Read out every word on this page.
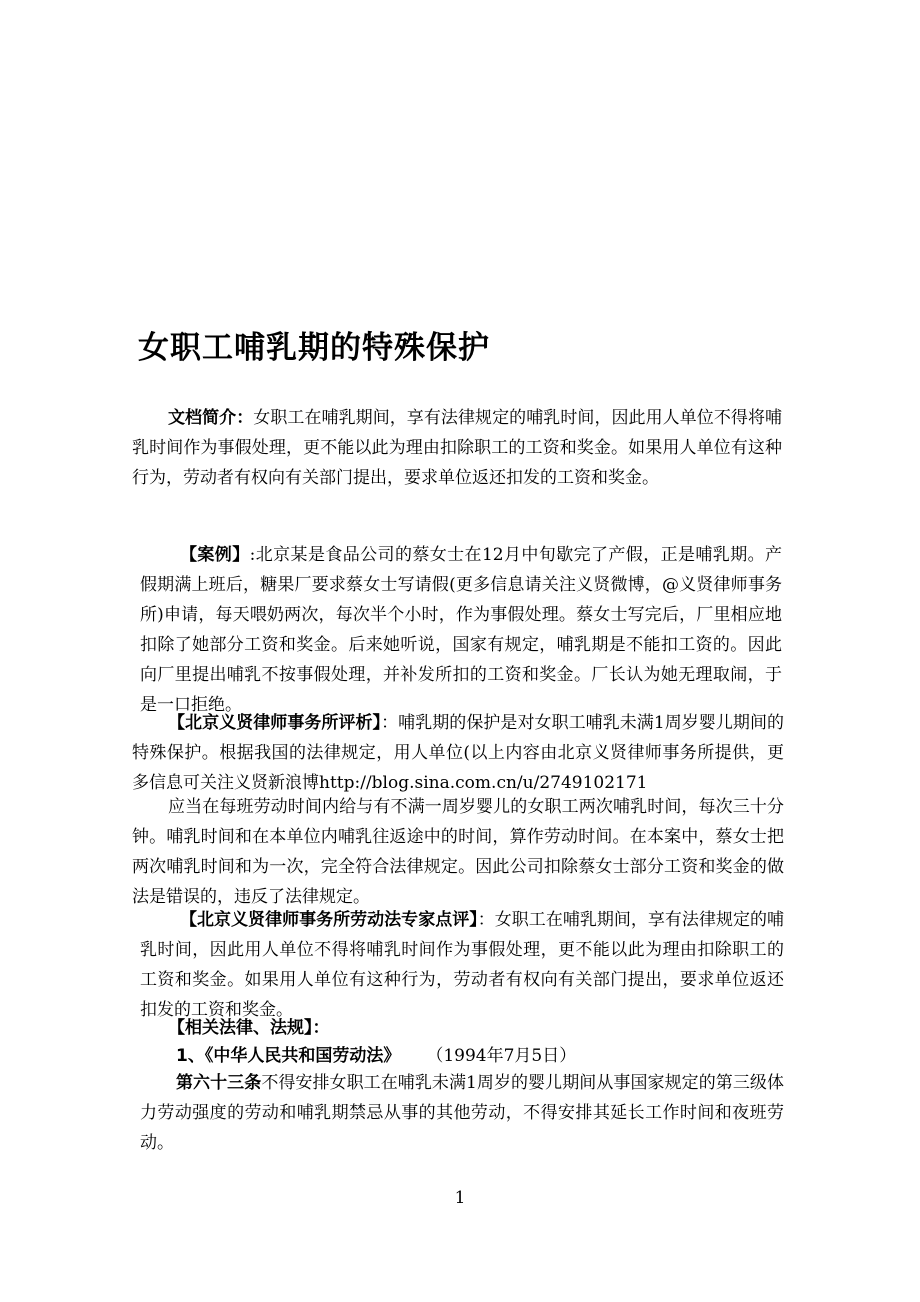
女职工哺乳期的特殊保护
文档简介：女职工在哺乳期间，享有法律规定的哺乳时间，因此用人单位不得将哺乳时间作为事假处理，更不能以此为理由扣除职工的工资和奖金。如果用人单位有这种行为，劳动者有权向有关部门提出，要求单位返还扣发的工资和奖金。
【案例】:北京某是食品公司的蔡女士在12月中旬歇完了产假，正是哺乳期。产假期满上班后，糖果厂要求蔡女士写请假(更多信息请关注义贤微博，@义贤律师事务所)申请，每天喂奶两次，每次半个小时，作为事假处理。蔡女士写完后，厂里相应地扣除了她部分工资和奖金。后来她听说，国家有规定，哺乳期是不能扣工资的。因此向厂里提出哺乳不按事假处理，并补发所扣的工资和奖金。厂长认为她无理取闹，于是一口拒绝。
【北京义贤律师事务所评析】：哺乳期的保护是对女职工哺乳未满1周岁婴儿期间的特殊保护。根据我国的法律规定，用人单位(以上内容由北京义贤律师事务所提供，更多信息可关注义贤新浪博http://blog.sina.com.cn/u/2749102171
应当在每班劳动时间内给与有不满一周岁婴儿的女职工两次哺乳时间，每次三十分钟。哺乳时间和在本单位内哺乳往返途中的时间，算作劳动时间。在本案中，蔡女士把两次哺乳时间和为一次，完全符合法律规定。因此公司扣除蔡女士部分工资和奖金的做法是错误的，违反了法律规定。
【北京义贤律师事务所劳动法专家点评】：女职工在哺乳期间，享有法律规定的哺乳时间，因此用人单位不得将哺乳时间作为事假处理，更不能以此为理由扣除职工的工资和奖金。如果用人单位有这种行为，劳动者有权向有关部门提出，要求单位返还扣发的工资和奖金。
【相关法律、法规】：
1、《中华人民共和国劳动法》 （1994年7月5日）
第六十三条不得安排女职工在哺乳未满1周岁的婴儿期间从事国家规定的第三级体力劳动强度的劳动和哺乳期禁忌从事的其他劳动，不得安排其延长工作时间和夜班劳动。
1
